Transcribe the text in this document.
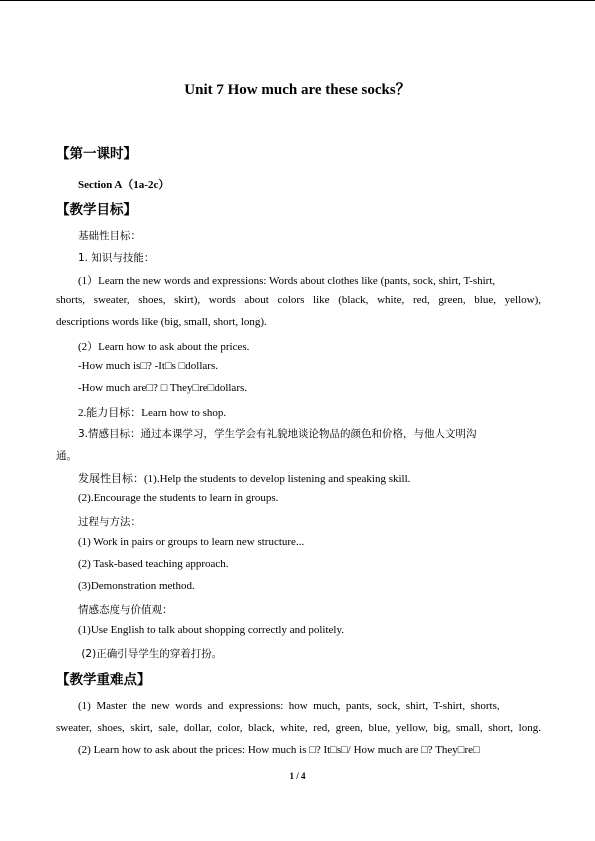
Unit 7 How much are these socks？
【第一课时】
Section A（1a-2c）
【教学目标】
基础性目标：
1. 知识与技能：
(1）Learn the new words and expressions: Words about clothes like (pants, sock, shirt, T-shirt,
shorts, sweater, shoes, skirt), words about colors like (black, white, red, green, blue, yellow),
descriptions words like (big, small, short, long).
(2）Learn how to ask about the prices.
-How much is□? -It□s □dollars.
-How much are□? □ They□re□dollars.
2.能力目标：Learn how to shop.
3.情感目标：通过本课学习，学生学会有礼貌地谈论物品的颜色和价格，与他人文明沟
通。
发展性目标：(1).Help the students to develop listening and speaking skill.
(2).Encourage the students to learn in groups.
过程与方法：
(1) Work in pairs or groups to learn new structure...
(2) Task-based teaching approach.
(3)Demonstration method.
情感态度与价值观：
(1)Use English to talk about shopping correctly and politely.
(2)正确引导学生的穿着打扮。
【教学重难点】
(1)  Master  the  new  words  and  expressions:  how  much,  pants,  sock,  shirt,  T-shirt,  shorts,
sweater, shoes, skirt, sale, dollar, color, black, white, red, green, blue, yellow, big, small, short, long.
(2) Learn how to ask about the prices: How much is □? It□s□/ How much are □? They□re□
1 / 4
